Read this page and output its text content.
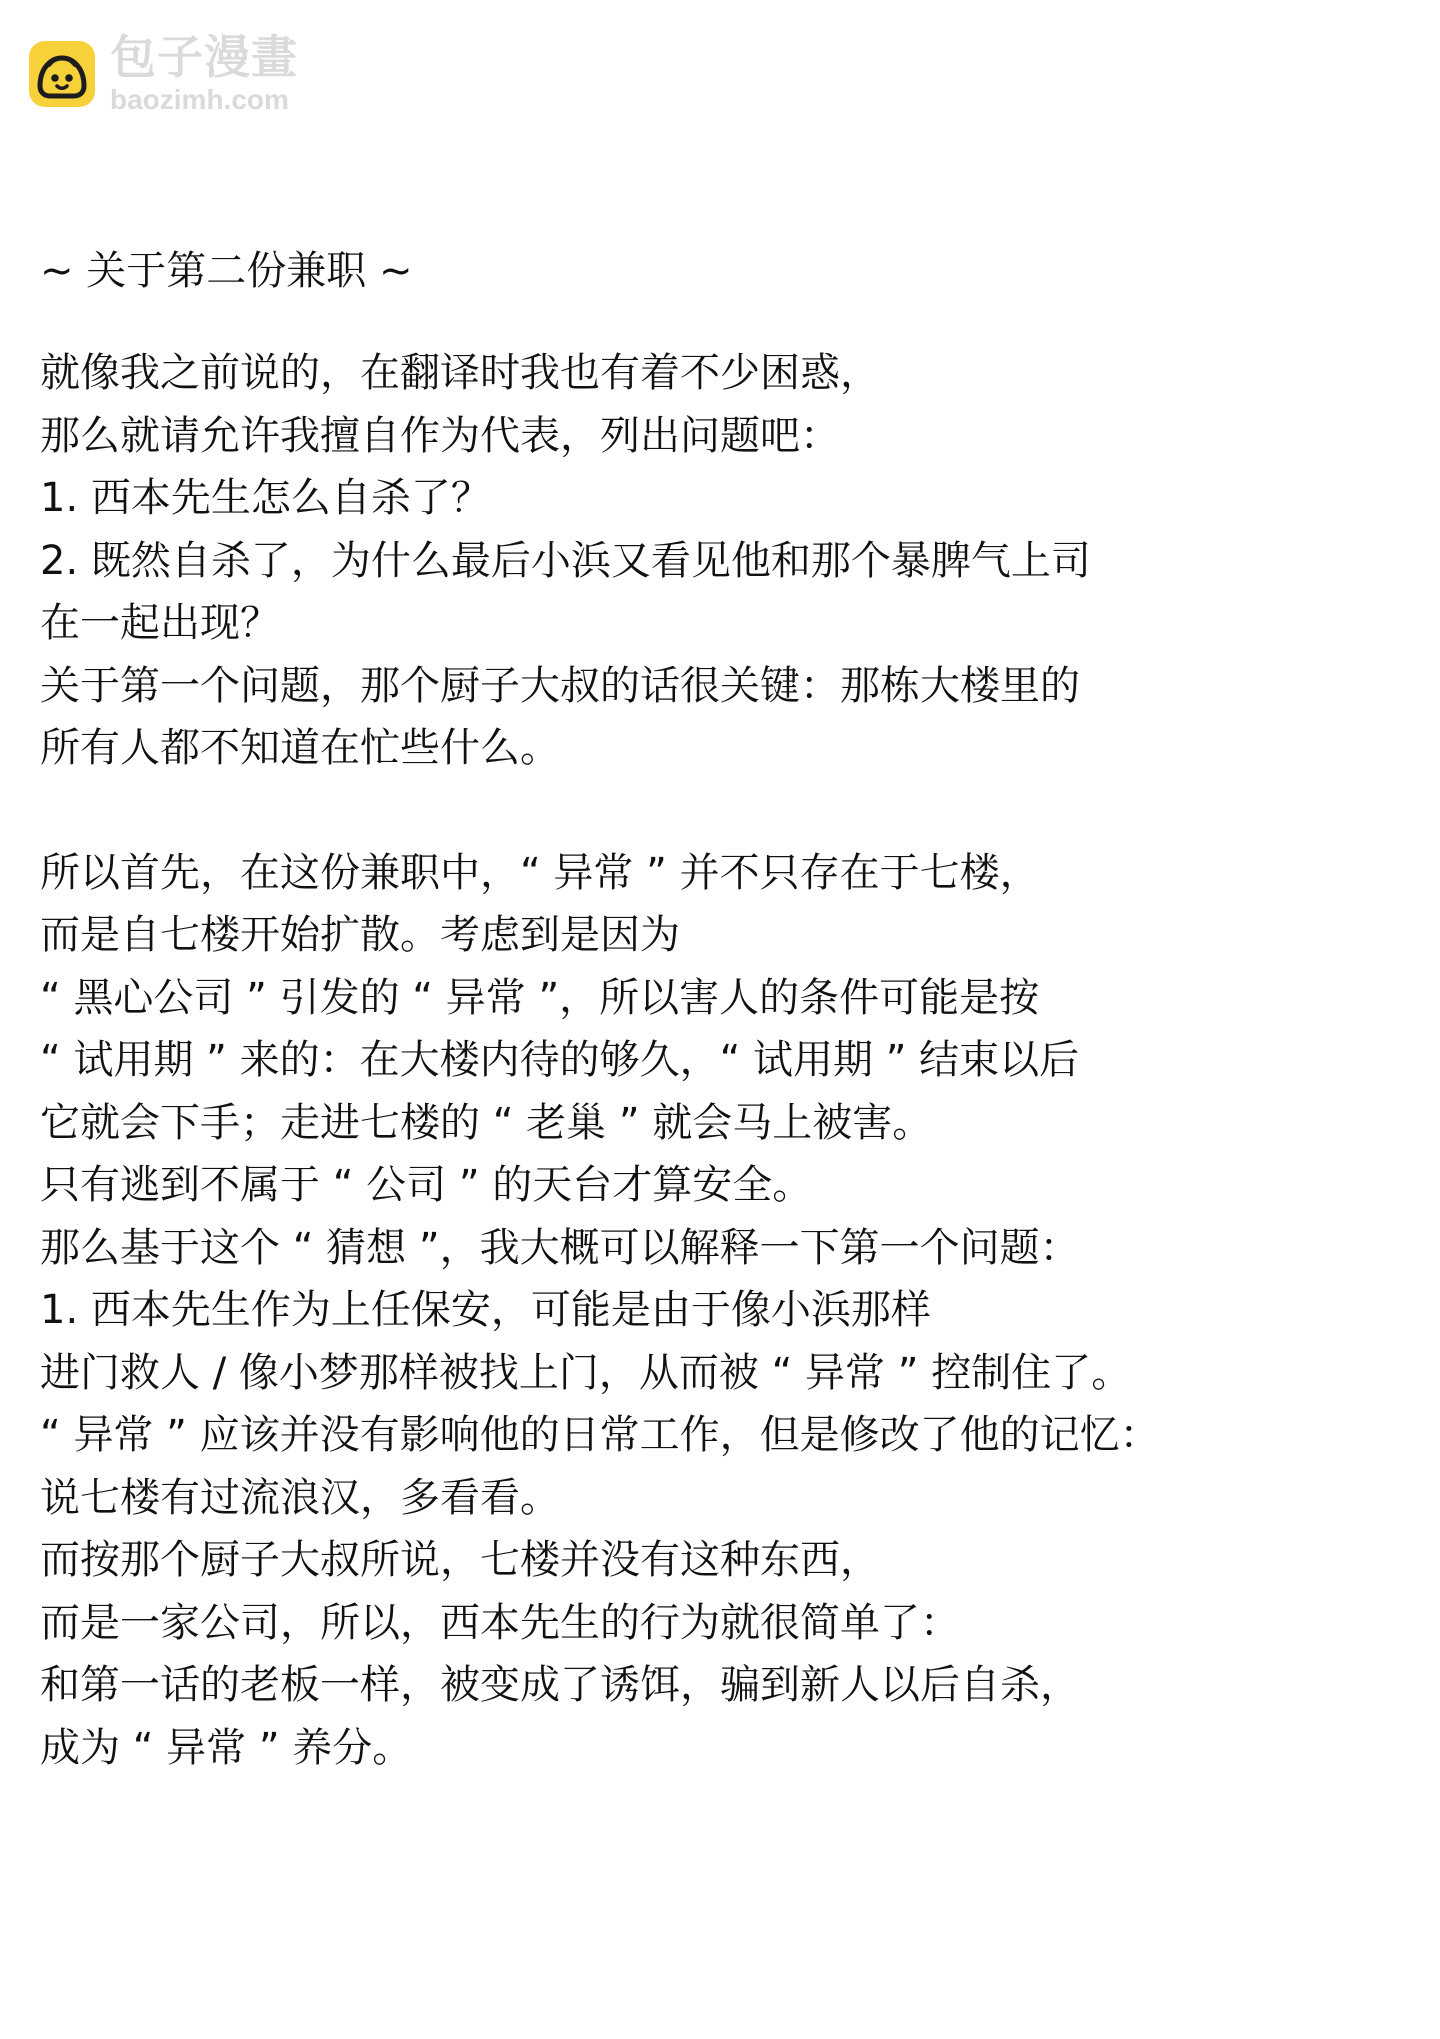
包子漫畫
baozimh.com
~ 关于第二份兼职 ~
就像我之前说的，在翻译时我也有着不少困惑，
那么就请允许我擅自作为代表，列出问题吧：
1. 西本先生怎么自杀了？
2. 既然自杀了，为什么最后小浜又看见他和那个暴脾气上司
在一起出现？
关于第一个问题，那个厨子大叔的话很关键：那栋大楼里的
所有人都不知道在忙些什么。
所以首先，在这份兼职中，“ 异常 ” 并不只存在于七楼，
而是自七楼开始扩散。考虑到是因为
“ 黑心公司 ” 引发的 “ 异常 ”，所以害人的条件可能是按
“ 试用期 ” 来的：在大楼内待的够久，“ 试用期 ” 结束以后
它就会下手；走进七楼的 “ 老巢 ” 就会马上被害。
只有逃到不属于 “ 公司 ” 的天台才算安全。
那么基于这个 “ 猜想 ”，我大概可以解释一下第一个问题：
1. 西本先生作为上任保安，可能是由于像小浜那样
进门救人 / 像小梦那样被找上门，从而被 “ 异常 ” 控制住了。
“ 异常 ” 应该并没有影响他的日常工作，但是修改了他的记忆：
说七楼有过流浪汉，多看看。
而按那个厨子大叔所说，七楼并没有这种东西，
而是一家公司，所以，西本先生的行为就很简单了：
和第一话的老板一样，被变成了诱饵，骗到新人以后自杀，
成为 “ 异常 ” 养分。
